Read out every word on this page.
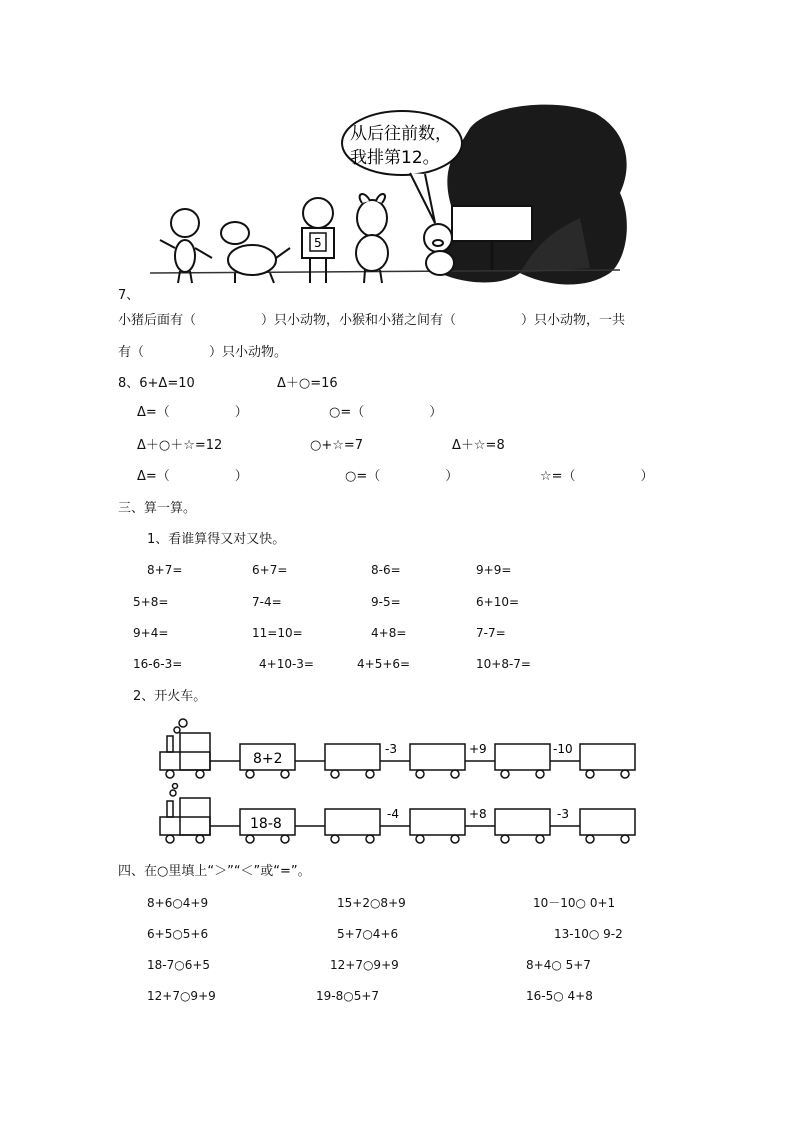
从后往前数，
我排第12。
5
7、
小猪后面有（　　　　　）只小动物，小猴和小猪之间有（　　　　　）只小动物，一共
有（　　　　　）只小动物。
8、6+Δ=10	Δ＋○=16
Δ=（　　　　　）	○=（　　　　　）
Δ＋○＋☆=12	○+☆=7	Δ＋☆=8
Δ=（　　　　　）	○=（　　　　　）	☆=（　　　　　）
三、算一算。
1、看谁算得又对又快。
8+7=	6+7=	8-6=	9+9=
5+8=	7-4=	9-5=	6+10=
9+4=	11=10=	4+8=	7-7=
16-6-3=	4+10-3=	4+5+6=	10+8-7=
2、开火车。
8+2
-3	+9	-10
18-8
-4	+8	-3
四、在○里填上“＞”“＜”或“=”。
8+6○4+9	15+2○8+9	10－10○ 0+1
6+5○5+6	5+7○4+6	13-10○ 9-2
18-7○6+5	12+7○9+9	8+4○ 5+7
12+7○9+9	19-8○5+7	16-5○ 4+8
